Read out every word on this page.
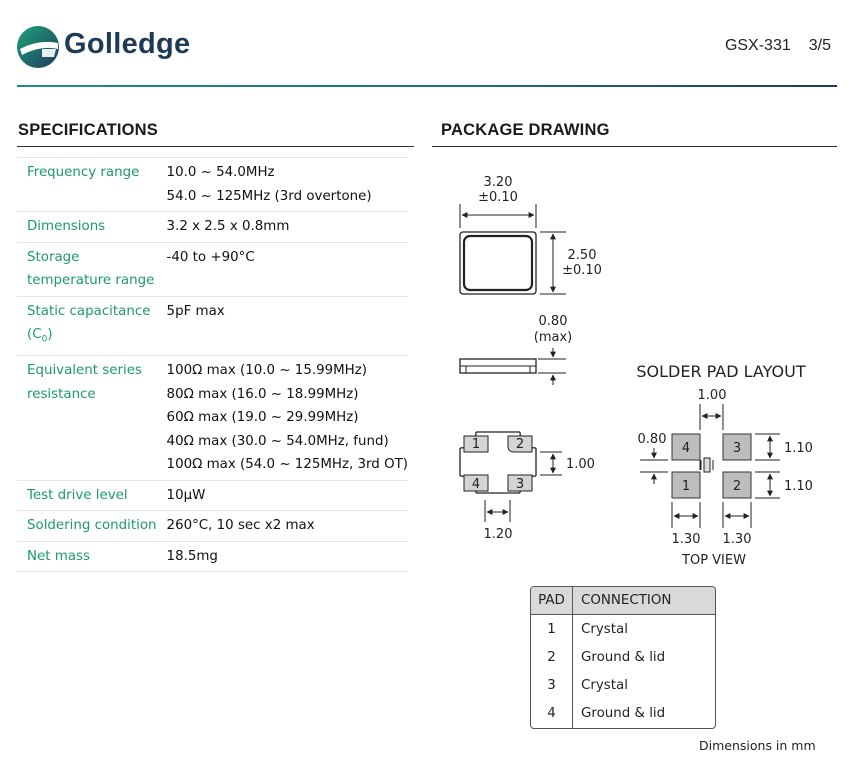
Golledge	GSX-331 3/5
SPECIFICATIONS
Frequency range	10.0 ~ 54.0MHz
54.0 ~ 125MHz (3rd overtone)

Dimensions	3.2 x 2.5 x 0.8mm

Storage
temperature range	-40 to +90°C

Static capacitance
$(C_0)$	5pF max

Equivalent series
resistance	100Ω max (10.0 ~ 15.99MHz)
80Ω max (16.0 ~ 18.99MHz)
60Ω max (19.0 ~ 29.99MHz)
40Ω max (30.0 ~ 54.0MHz, fund)
100Ω max (54.0 ~ 125MHz, 3rd OT)

Test drive level	10µW

Soldering condition	260°C, 10 sec x2 max

Net mass	18.5mg
PACKAGE DRAWING
3.20
±0.10
2.50
±0.10
0.80
(max)
1	2
3
4
1.00
1.20
SOLDER PAD LAYOUT
1.00
0.80
4	3
1	2
1.10
1.10
1.30 1.30
TOP VIEW
PAD	CONNECTION
1	Crystal
2	Ground & lid
3	Crystal
4	Ground & lid
Dimensions in mm
